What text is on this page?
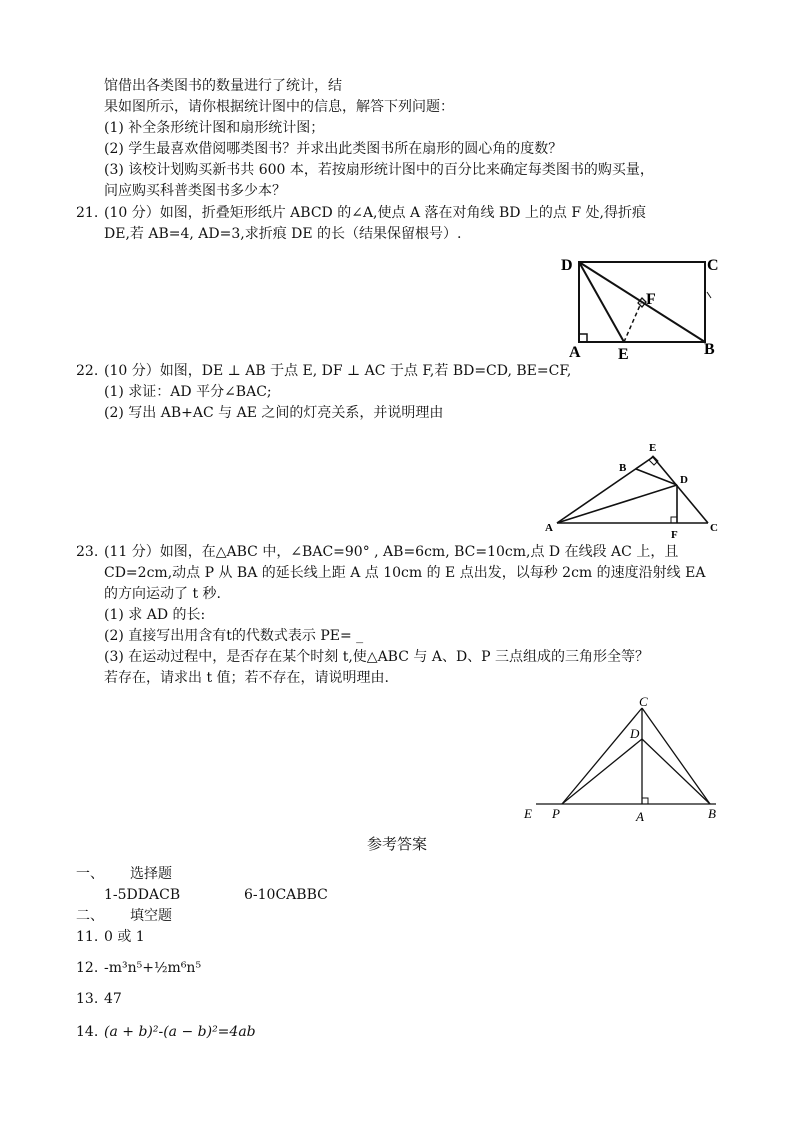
馆借出各类图书的数量进行了统计，结
果如图所示，请你根据统计图中的信息，解答下列问题：
(1) 补全条形统计图和扇形统计图；
(2) 学生最喜欢借阅哪类图书？并求出此类图书所在扇形的圆心角的度数？
(3) 该校计划购买新书共 600 本，若按扇形统计图中的百分比来确定每类图书的购买量，
问应购买科普类图书多少本？
21. (10 分）如图，折叠矩形纸片 ABCD 的∠A,使点 A 落在对角线 BD 上的点 F 处,得折痕
DE,若 AB=4, AD=3,求折痕 DE 的长（结果保留根号）.
D	C
F
A E	B
22. (10 分）如图，DE ⊥ AB 于点 E, DF ⊥ AC 于点 F,若 BD=CD, BE=CF,
(1) 求证：AD 平分∠BAC;
(2) 写出 AB+AC 与 AE 之间的灯亮关系，并说明理由
E
B
D
A
F
C
23. (11 分）如图，在△ABC 中，∠BAC=90° , AB=6cm, BC=10cm,点 D 在线段 AC 上，且
CD=2cm,动点 P 从 BA 的延长线上距 A 点 10cm 的 E 点出发，以每秒 2cm 的速度沿射线 EA
的方向运动了 t 秒.
(1) 求 AD 的长:
(2) 直接写出用含有t的代数式表示 PE= _
(3) 在运动过程中，是否存在某个时刻 t,使△ABC 与 A、D、P 三点组成的三角形全等？
若存在，请求出 t 值；若不存在，请说明理由.
C
D
E P	A	B
参考答案
一、 选择题
1-5DDACB	6-10CABBC
二、 填空题
11. 0 或 1
12. -m³n⁵+½m⁶n⁵
13. 47
14. (a + b)²-(a − b)²=4ab
